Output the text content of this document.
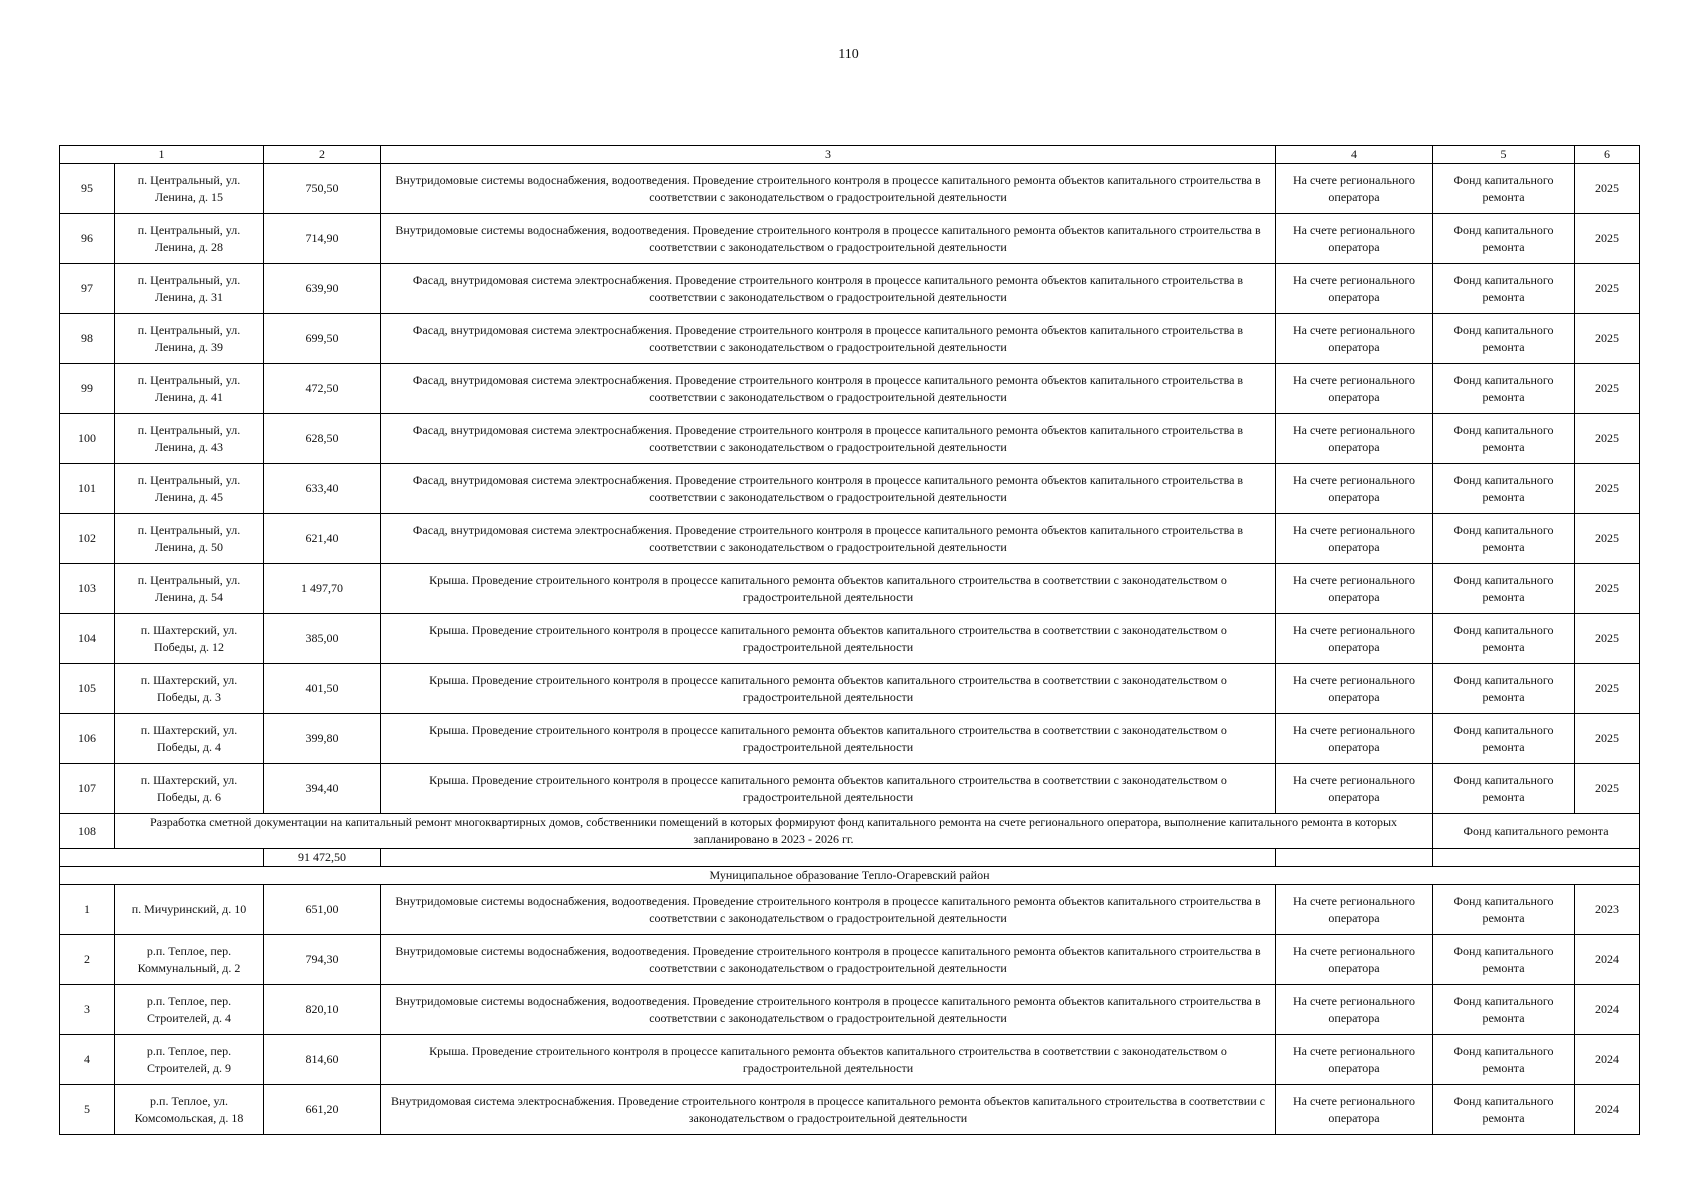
110
1		2	3	4	5	6
95	п. Центральный, ул. Ленина, д. 15	750,50	Внутридомовые системы водоснабжения, водоотведения. Проведение строительного контроля в процессе капитального ремонта объектов капитального строительства в соответствии с законодательством о градостроительной деятельности	На счете регионального оператора	Фонд капитального ремонта	2025
96	п. Центральный, ул. Ленина, д. 28	714,90	Внутридомовые системы водоснабжения, водоотведения. Проведение строительного контроля в процессе капитального ремонта объектов капитального строительства в соответствии с законодательством о градостроительной деятельности	На счете регионального оператора	Фонд капитального ремонта	2025
97	п. Центральный, ул. Ленина, д. 31	639,90	Фасад, внутридомовая система электроснабжения. Проведение строительного контроля в процессе капитального ремонта объектов капитального строительства в соответствии с законодательством о градостроительной деятельности	На счете регионального оператора	Фонд капитального ремонта	2025
98	п. Центральный, ул. Ленина, д. 39	699,50	Фасад, внутридомовая система электроснабжения. Проведение строительного контроля в процессе капитального ремонта объектов капитального строительства в соответствии с законодательством о градостроительной деятельности	На счете регионального оператора	Фонд капитального ремонта	2025
99	п. Центральный, ул. Ленина, д. 41	472,50	Фасад, внутридомовая система электроснабжения. Проведение строительного контроля в процессе капитального ремонта объектов капитального строительства в соответствии с законодательством о градостроительной деятельности	На счете регионального оператора	Фонд капитального ремонта	2025
100	п. Центральный, ул. Ленина, д. 43	628,50	Фасад, внутридомовая система электроснабжения. Проведение строительного контроля в процессе капитального ремонта объектов капитального строительства в соответствии с законодательством о градостроительной деятельности	На счете регионального оператора	Фонд капитального ремонта	2025
101	п. Центральный, ул. Ленина, д. 45	633,40	Фасад, внутридомовая система электроснабжения. Проведение строительного контроля в процессе капитального ремонта объектов капитального строительства в соответствии с законодательством о градостроительной деятельности	На счете регионального оператора	Фонд капитального ремонта	2025
102	п. Центральный, ул. Ленина, д. 50	621,40	Фасад, внутридомовая система электроснабжения. Проведение строительного контроля в процессе капитального ремонта объектов капитального строительства в соответствии с законодательством о градостроительной деятельности	На счете регионального оператора	Фонд капитального ремонта	2025
103	п. Центральный, ул. Ленина, д. 54	1 497,70	Крыша. Проведение строительного контроля в процессе капитального ремонта объектов капитального строительства в соответствии с законодательством о градостроительной деятельности	На счете регионального оператора	Фонд капитального ремонта	2025
104	п. Шахтерский, ул. Победы, д. 12	385,00	Крыша. Проведение строительного контроля в процессе капитального ремонта объектов капитального строительства в соответствии с законодательством о градостроительной деятельности	На счете регионального оператора	Фонд капитального ремонта	2025
105	п. Шахтерский, ул. Победы, д. 3	401,50	Крыша. Проведение строительного контроля в процессе капитального ремонта объектов капитального строительства в соответствии с законодательством о градостроительной деятельности	На счете регионального оператора	Фонд капитального ремонта	2025
106	п. Шахтерский, ул. Победы, д. 4	399,80	Крыша. Проведение строительного контроля в процессе капитального ремонта объектов капитального строительства в соответствии с законодательством о градостроительной деятельности	На счете регионального оператора	Фонд капитального ремонта	2025
107	п. Шахтерский, ул. Победы, д. 6	394,40	Крыша. Проведение строительного контроля в процессе капитального ремонта объектов капитального строительства в соответствии с законодательством о градостроительной деятельности	На счете регионального оператора	Фонд капитального ремонта	2025
108	Разработка сметной документации на капитальный ремонт многоквартирных домов, собственники помещений в которых формируют фонд капитального ремонта на счете регионального оператора, выполнение капитального ремонта в которых запланировано в 2023 - 2026 гг.				Фонд капитального ремонта	
		91 472,50				
Муниципальное образование Тепло-Огаревский район						
1	п. Мичуринский, д. 10	651,00	Внутридомовые системы водоснабжения, водоотведения. Проведение строительного контроля в процессе капитального ремонта объектов капитального строительства в соответствии с законодательством о градостроительной деятельности	На счете регионального оператора	Фонд капитального ремонта	2023
2	р.п. Теплое, пер. Коммунальный, д. 2	794,30	Внутридомовые системы водоснабжения, водоотведения. Проведение строительного контроля в процессе капитального ремонта объектов капитального строительства в соответствии с законодательством о градостроительной деятельности	На счете регионального оператора	Фонд капитального ремонта	2024
3	р.п. Теплое, пер. Строителей, д. 4	820,10	Внутридомовые системы водоснабжения, водоотведения. Проведение строительного контроля в процессе капитального ремонта объектов капитального строительства в соответствии с законодательством о градостроительной деятельности	На счете регионального оператора	Фонд капитального ремонта	2024
4	р.п. Теплое, пер. Строителей, д. 9	814,60	Крыша. Проведение строительного контроля в процессе капитального ремонта объектов капитального строительства в соответствии с законодательством о градостроительной деятельности	На счете регионального оператора	Фонд капитального ремонта	2024
5	р.п. Теплое, ул. Комсомольская, д. 18	661,20	Внутридомовая система электроснабжения. Проведение строительного контроля в процессе капитального ремонта объектов капитального строительства в соответствии с законодательством о градостроительной деятельности	На счете регионального оператора	Фонд капитального ремонта	2024
